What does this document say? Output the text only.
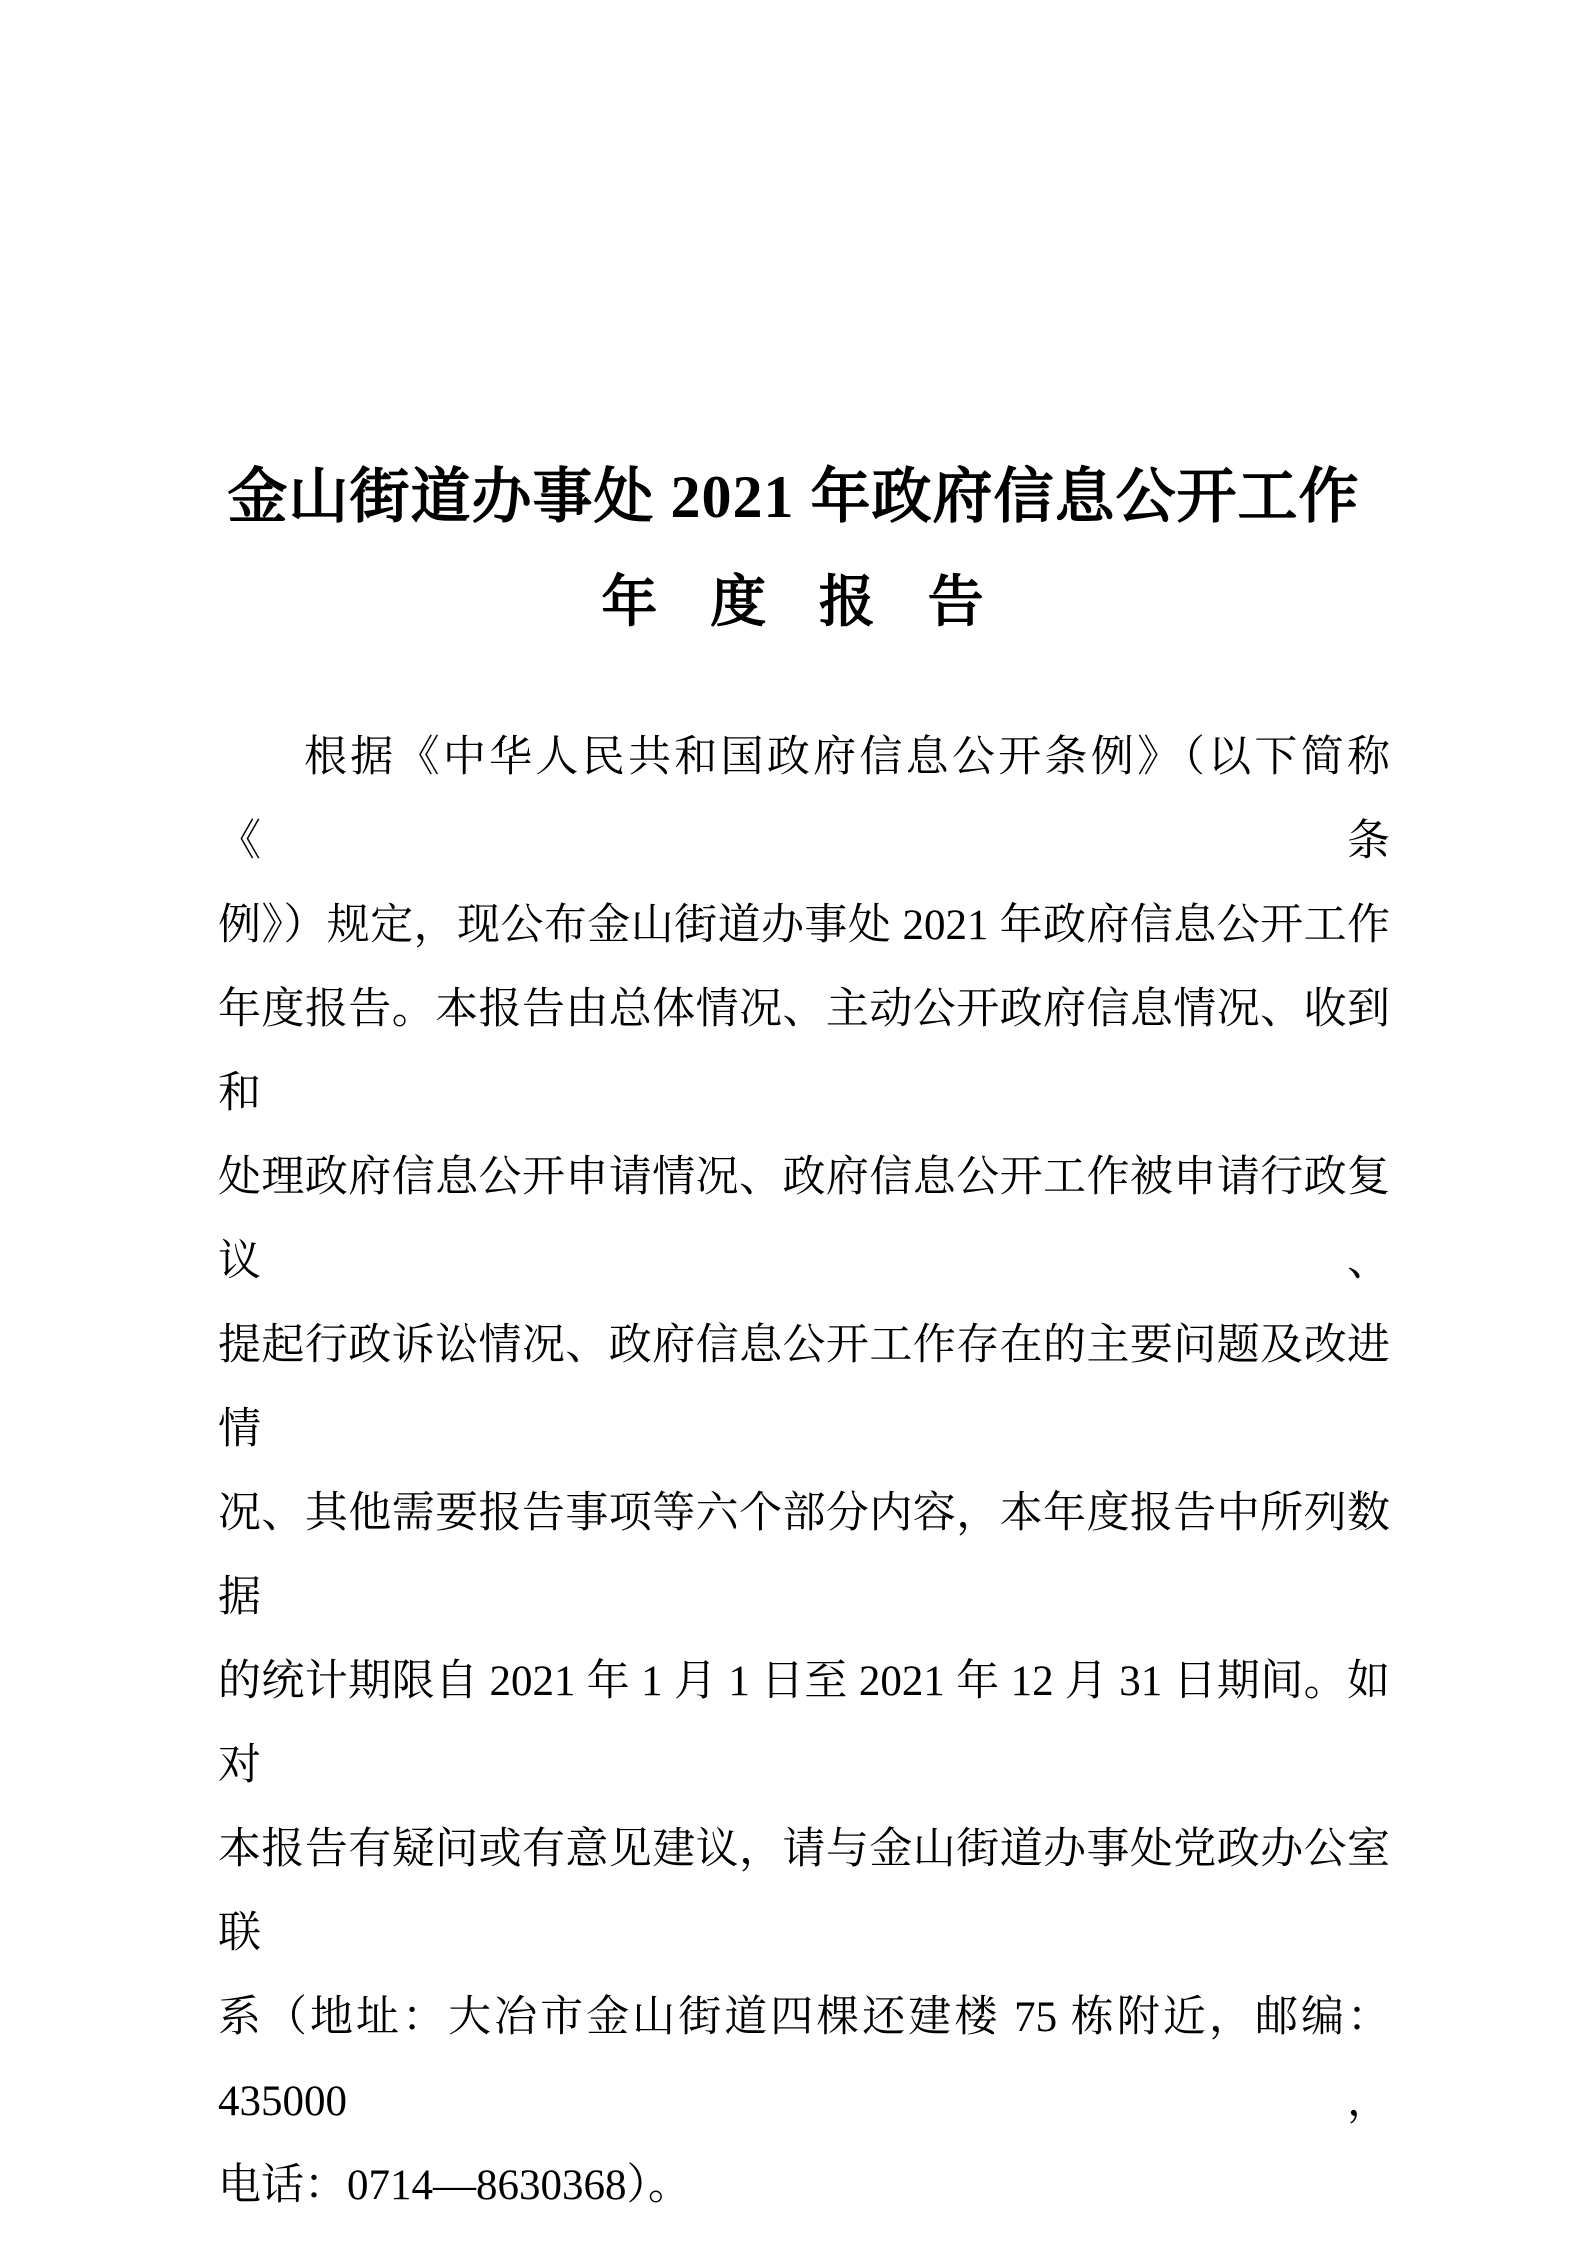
金山街道办事处 2021 年政府信息公开工作
年 度 报 告
根据《中华人民共和国政府信息公开条例》（以下简称《条
例》）规定，现公布金山街道办事处 2021 年政府信息公开工作
年度报告。本报告由总体情况、主动公开政府信息情况、收到和
处理政府信息公开申请情况、政府信息公开工作被申请行政复议、
提起行政诉讼情况、政府信息公开工作存在的主要问题及改进情
况、其他需要报告事项等六个部分内容，本年度报告中所列数据
的统计期限自 2021 年 1 月 1 日至 2021 年 12 月 31 日期间。如对
本报告有疑问或有意见建议，请与金山街道办事处党政办公室联
系（地址：大冶市金山街道四棵还建楼 75 栋附近，邮编：435000，
电话：0714—8630368）。
